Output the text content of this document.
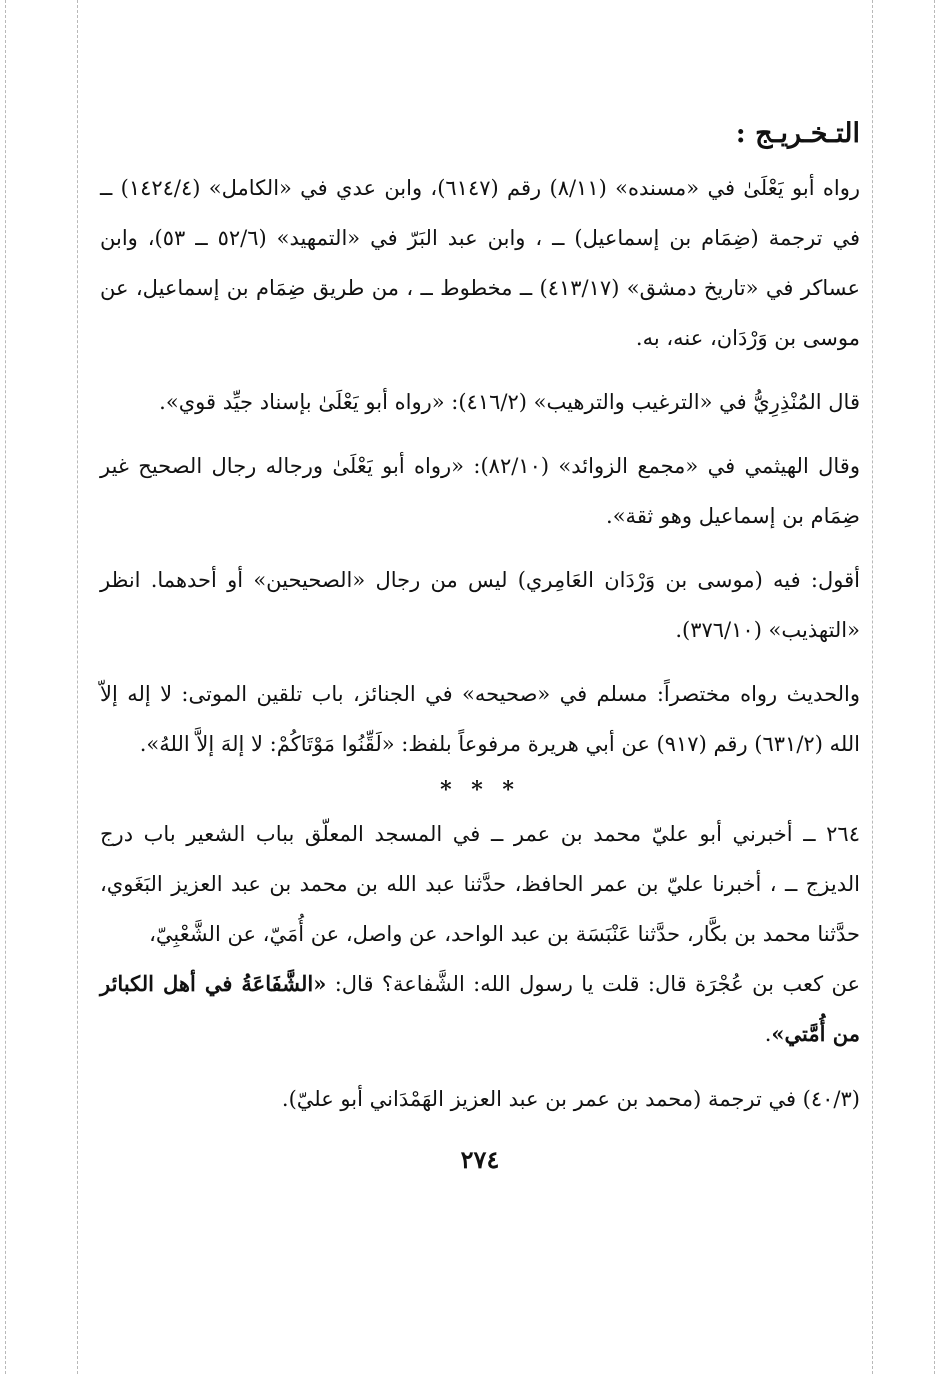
التـخـريـج :

رواه أبو يَعْلَىٰ في «مسنده» (٨/١١) رقم (٦١٤٧)، وابن عدي في «الكامل» (١٤٢٤/٤) ــ في ترجمة (ضِمَام بن إسماعيل) ــ ، وابن عبد البَرّ في «التمهيد» (٥٢/٦ ــ ٥٣)، وابن عساكر في «تاريخ دمشق» (٤١٣/١٧) ــ مخطوط ــ ، من طريق ضِمَام بن إسماعيل، عن موسى بن وَرْدَان، عنه، به.

قال المُنْذِرِيُّ في «الترغيب والترهيب» (٤١٦/٢): «رواه أبو يَعْلَىٰ بإسناد جيِّد قوي».

وقال الهيثمي في «مجمع الزوائد» (٨٢/١٠): «رواه أبو يَعْلَىٰ ورجاله رجال الصحيح غير ضِمَام بن إسماعيل وهو ثقة».

أقول: فيه (موسى بن وَرْدَان العَامِري) ليس من رجال «الصحيحين» أو أحدهما. انظر «التهذيب» (٣٧٦/١٠).

والحديث رواه مختصراً: مسلم في «صحيحه» في الجنائز، باب تلقين الموتى: لا إله إلاّ الله (٦٣١/٢) رقم (٩١٧) عن أبي هريرة مرفوعاً بلفظ: «لَقِّنُوا مَوْتَاكُمْ: لا إلهَ إلاَّ اللهُ».

* * *

٢٦٤ ــ أخبرني أبو عليّ محمد بن عمر ــ في المسجد المعلّق بباب الشعير باب درج الديزج ــ ، أخبرنا عليّ بن عمر الحافظ، حدَّثنا عبد الله بن محمد بن عبد العزيز البَغَوي، حدَّثنا محمد بن بكَّار، حدَّثنا عَنْبَسَة بن عبد الواحد، عن واصل، عن أُمَيّ، عن الشَّعْبِيّ،

عن كعب بن عُجْرَة قال: قلت يا رسول الله: الشَّفاعة؟ قال: «الشَّفَاعَةُ في أهل الكبائر من أُمَّتي».

(٤٠/٣) في ترجمة (محمد بن عمر بن عبد العزيز الهَمْدَاني أبو عليّ).

٢٧٤
